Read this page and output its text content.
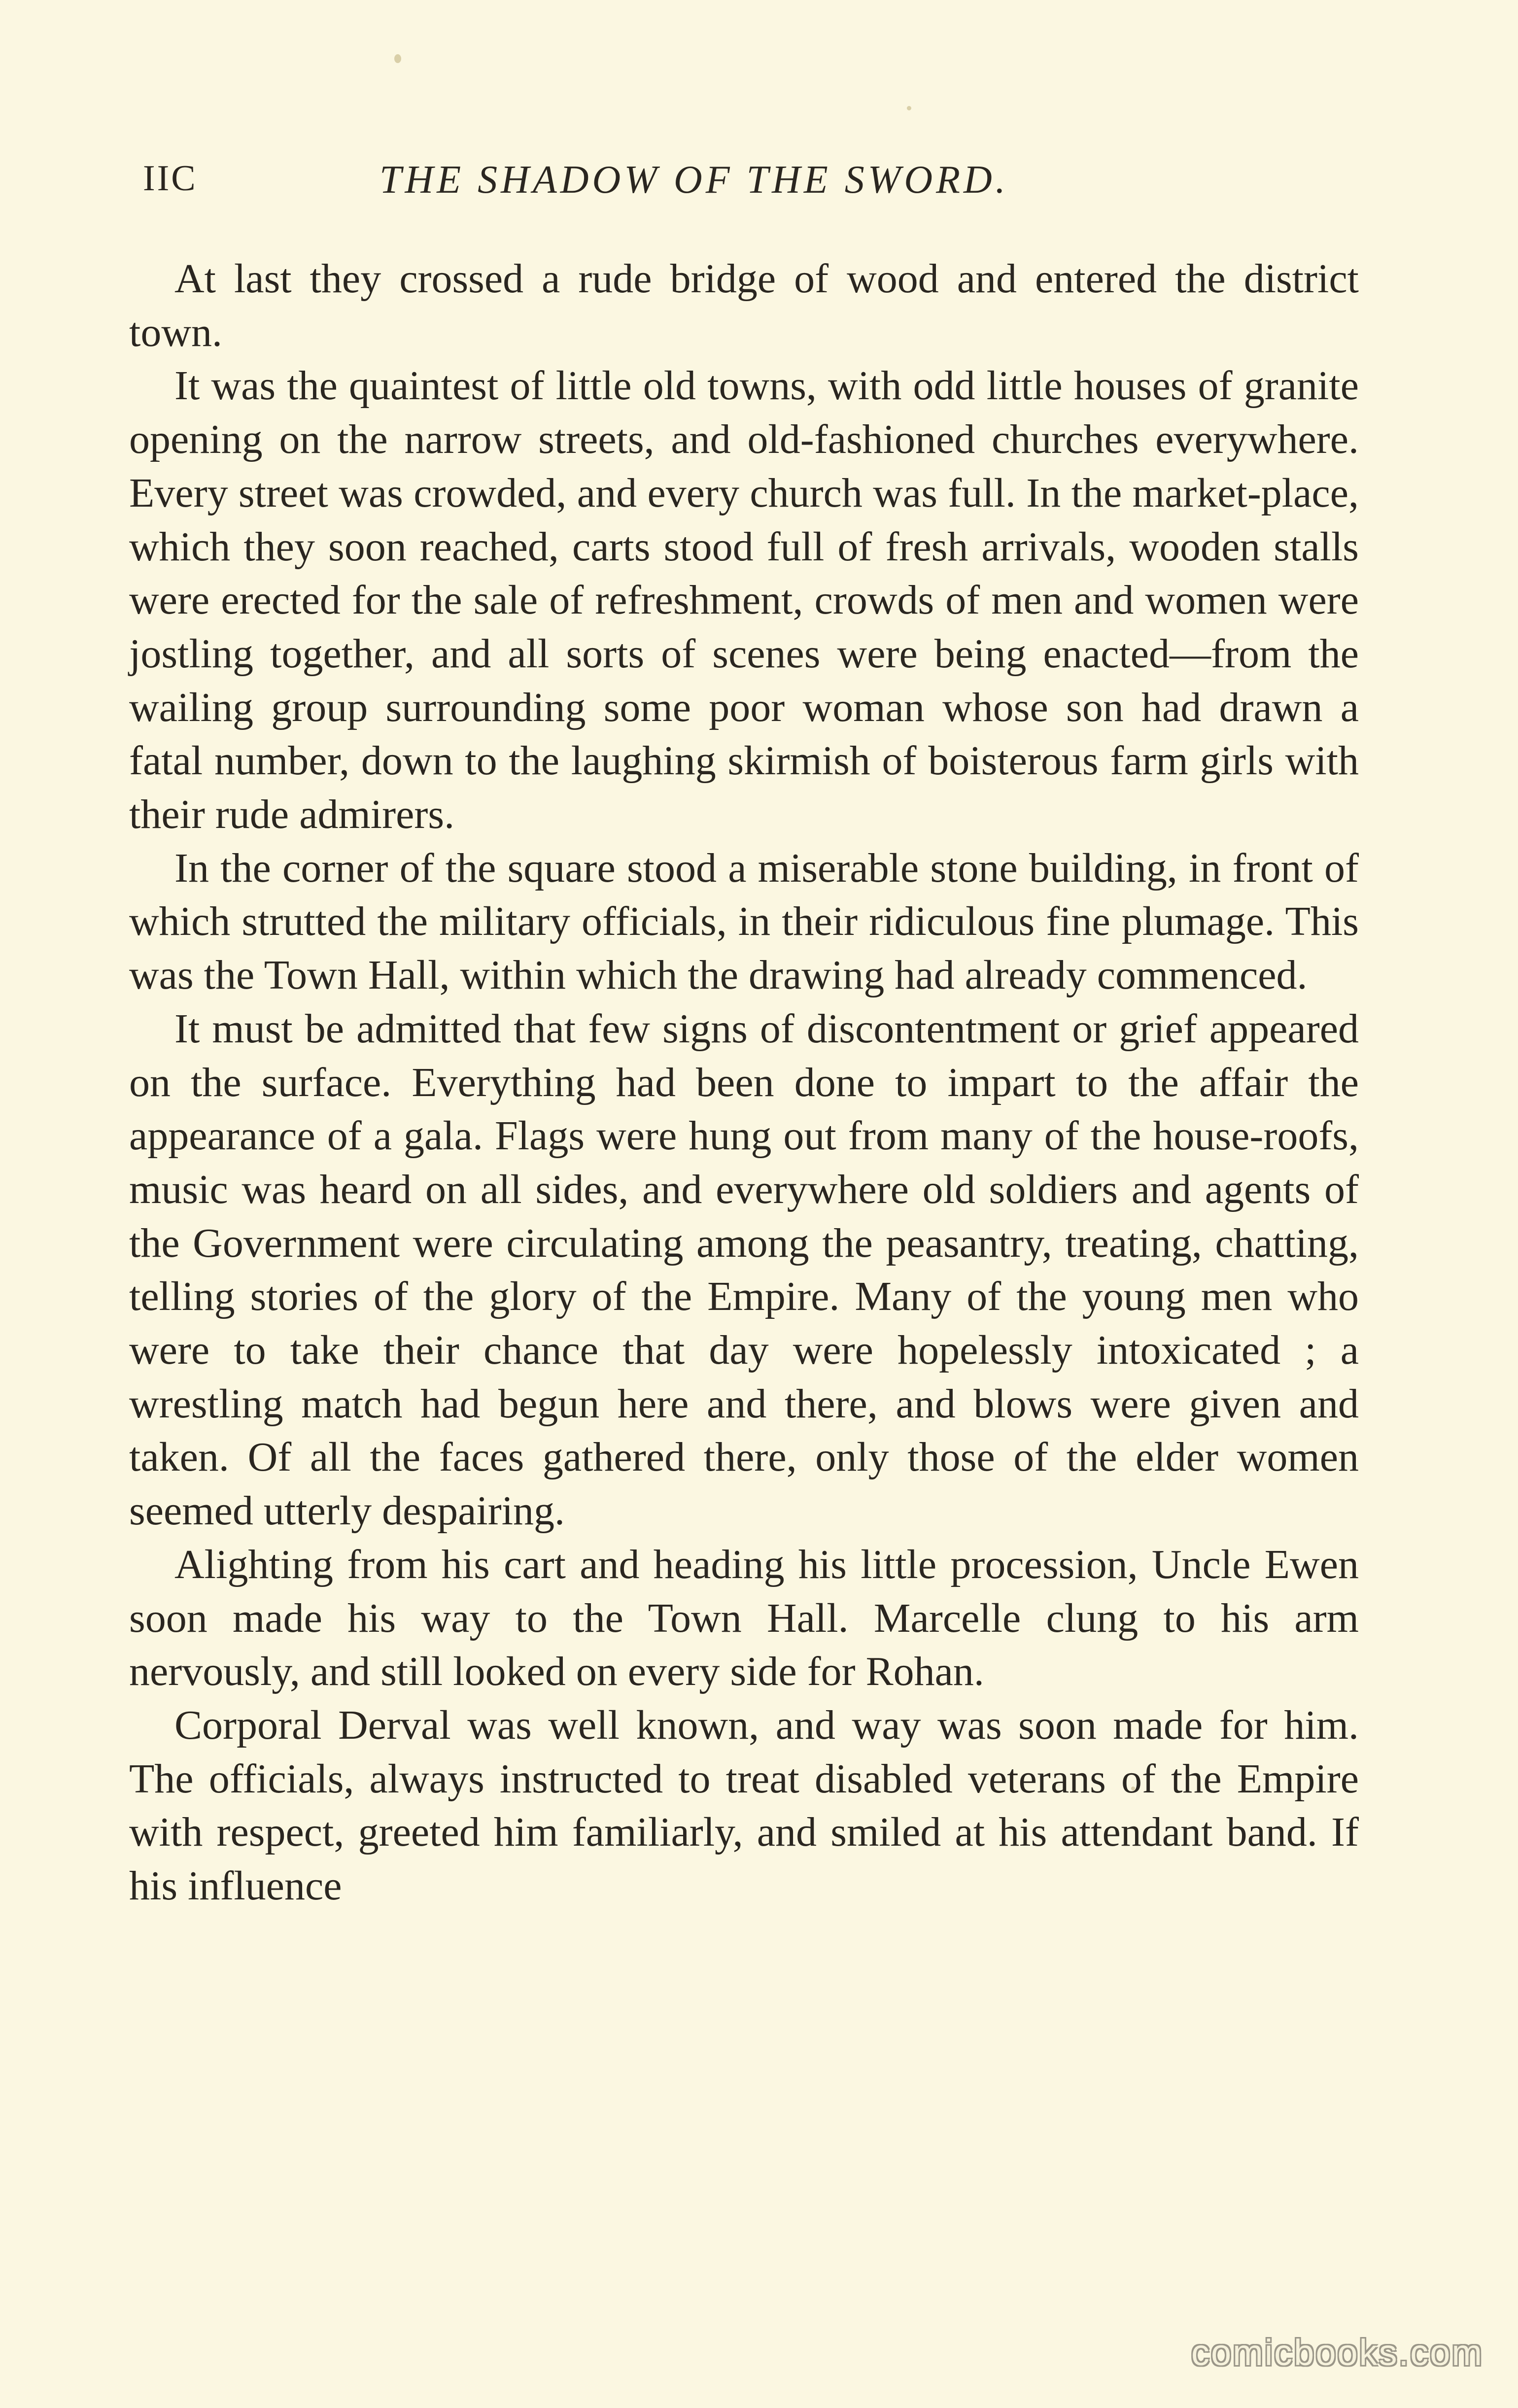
IIC	THE SHADOW OF THE SWORD.

At last they crossed a rude bridge of wood and entered the district town.

It was the quaintest of little old towns, with odd little houses of granite opening on the narrow streets, and old-fashioned churches everywhere. Every street was crowded, and every church was full. In the market-place, which they soon reached, carts stood full of fresh arrivals, wooden stalls were erected for the sale of refreshment, crowds of men and women were jostling together, and all sorts of scenes were being enacted—from the wailing group surrounding some poor woman whose son had drawn a fatal number, down to the laughing skirmish of boisterous farm girls with their rude admirers.

In the corner of the square stood a miserable stone building, in front of which strutted the military officials, in their ridiculous fine plumage. This was the Town Hall, within which the drawing had already commenced.

It must be admitted that few signs of discontentment or grief appeared on the surface. Everything had been done to impart to the affair the appearance of a gala. Flags were hung out from many of the house-roofs, music was heard on all sides, and everywhere old soldiers and agents of the Government were circulating among the peasantry, treating, chatting, telling stories of the glory of the Empire. Many of the young men who were to take their chance that day were hopelessly intoxicated ; a wrestling match had begun here and there, and blows were given and taken. Of all the faces gathered there, only those of the elder women seemed utterly despairing.

Alighting from his cart and heading his little procession, Uncle Ewen soon made his way to the Town Hall. Marcelle clung to his arm nervously, and still looked on every side for Rohan.

Corporal Derval was well known, and way was soon made for him. The officials, always instructed to treat disabled veterans of the Empire with respect, greeted him familiarly, and smiled at his attendant band. If his influence

comicbooks.com
